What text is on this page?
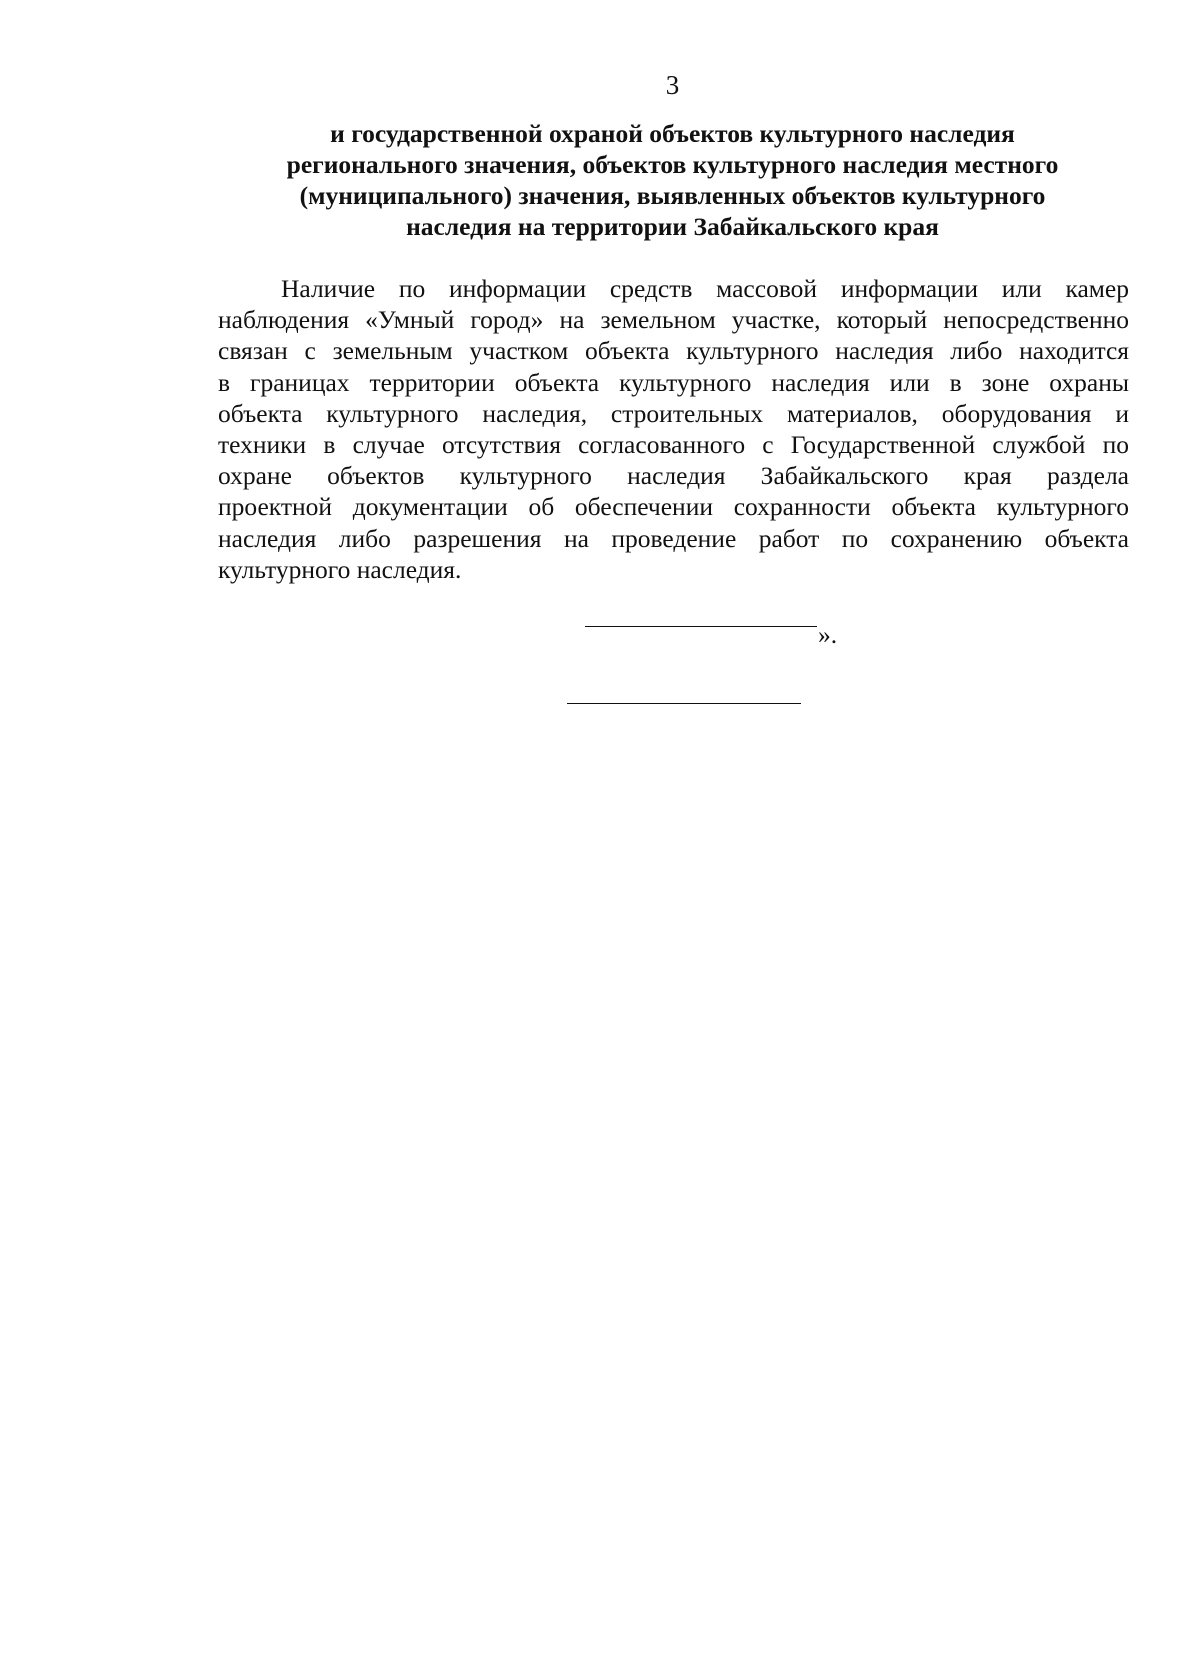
3
и государственной охраной объектов культурного наследия
регионального значения, объектов культурного наследия местного
(муниципального) значения, выявленных объектов культурного
наследия на территории Забайкальского края
Наличие по информации средств массовой информации или камер
наблюдения «Умный город» на земельном участке, который непосредственно
связан с земельным участком объекта культурного наследия либо находится
в границах территории объекта культурного наследия или в зоне охраны
объекта культурного наследия, строительных материалов, оборудования и
техники в случае отсутствия согласованного с Государственной службой по
охране объектов культурного наследия Забайкальского края раздела
проектной документации об обеспечении сохранности объекта культурного
наследия либо разрешения на проведение работ по сохранению объекта
культурного наследия.
».
